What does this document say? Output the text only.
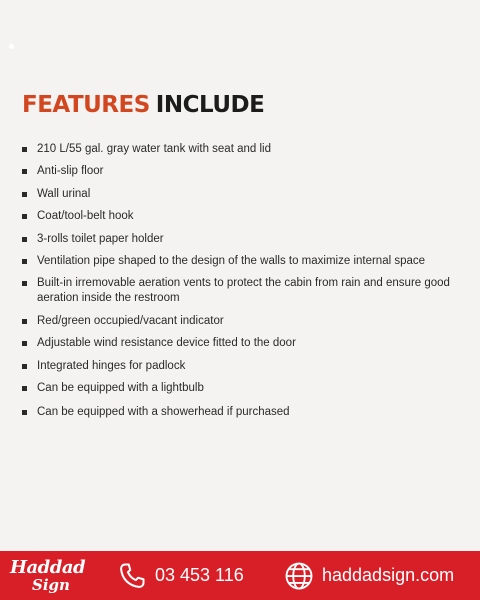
FEATURES INCLUDE
210 L/55 gal. gray water tank with seat and lid
Anti-slip floor
Wall urinal
Coat/tool-belt hook
3-rolls toilet paper holder
Ventilation pipe shaped to the design of the walls to maximize internal space
Built-in irremovable aeration vents to protect the cabin from rain and ensure good aeration inside the restroom
Red/green occupied/vacant indicator
Adjustable wind resistance device fitted to the door
Integrated hinges for padlock
Can be equipped with a lightbulb
Can be equipped with a showerhead if purchased
Haddad
Sign	03 453 116	haddadsign.com
